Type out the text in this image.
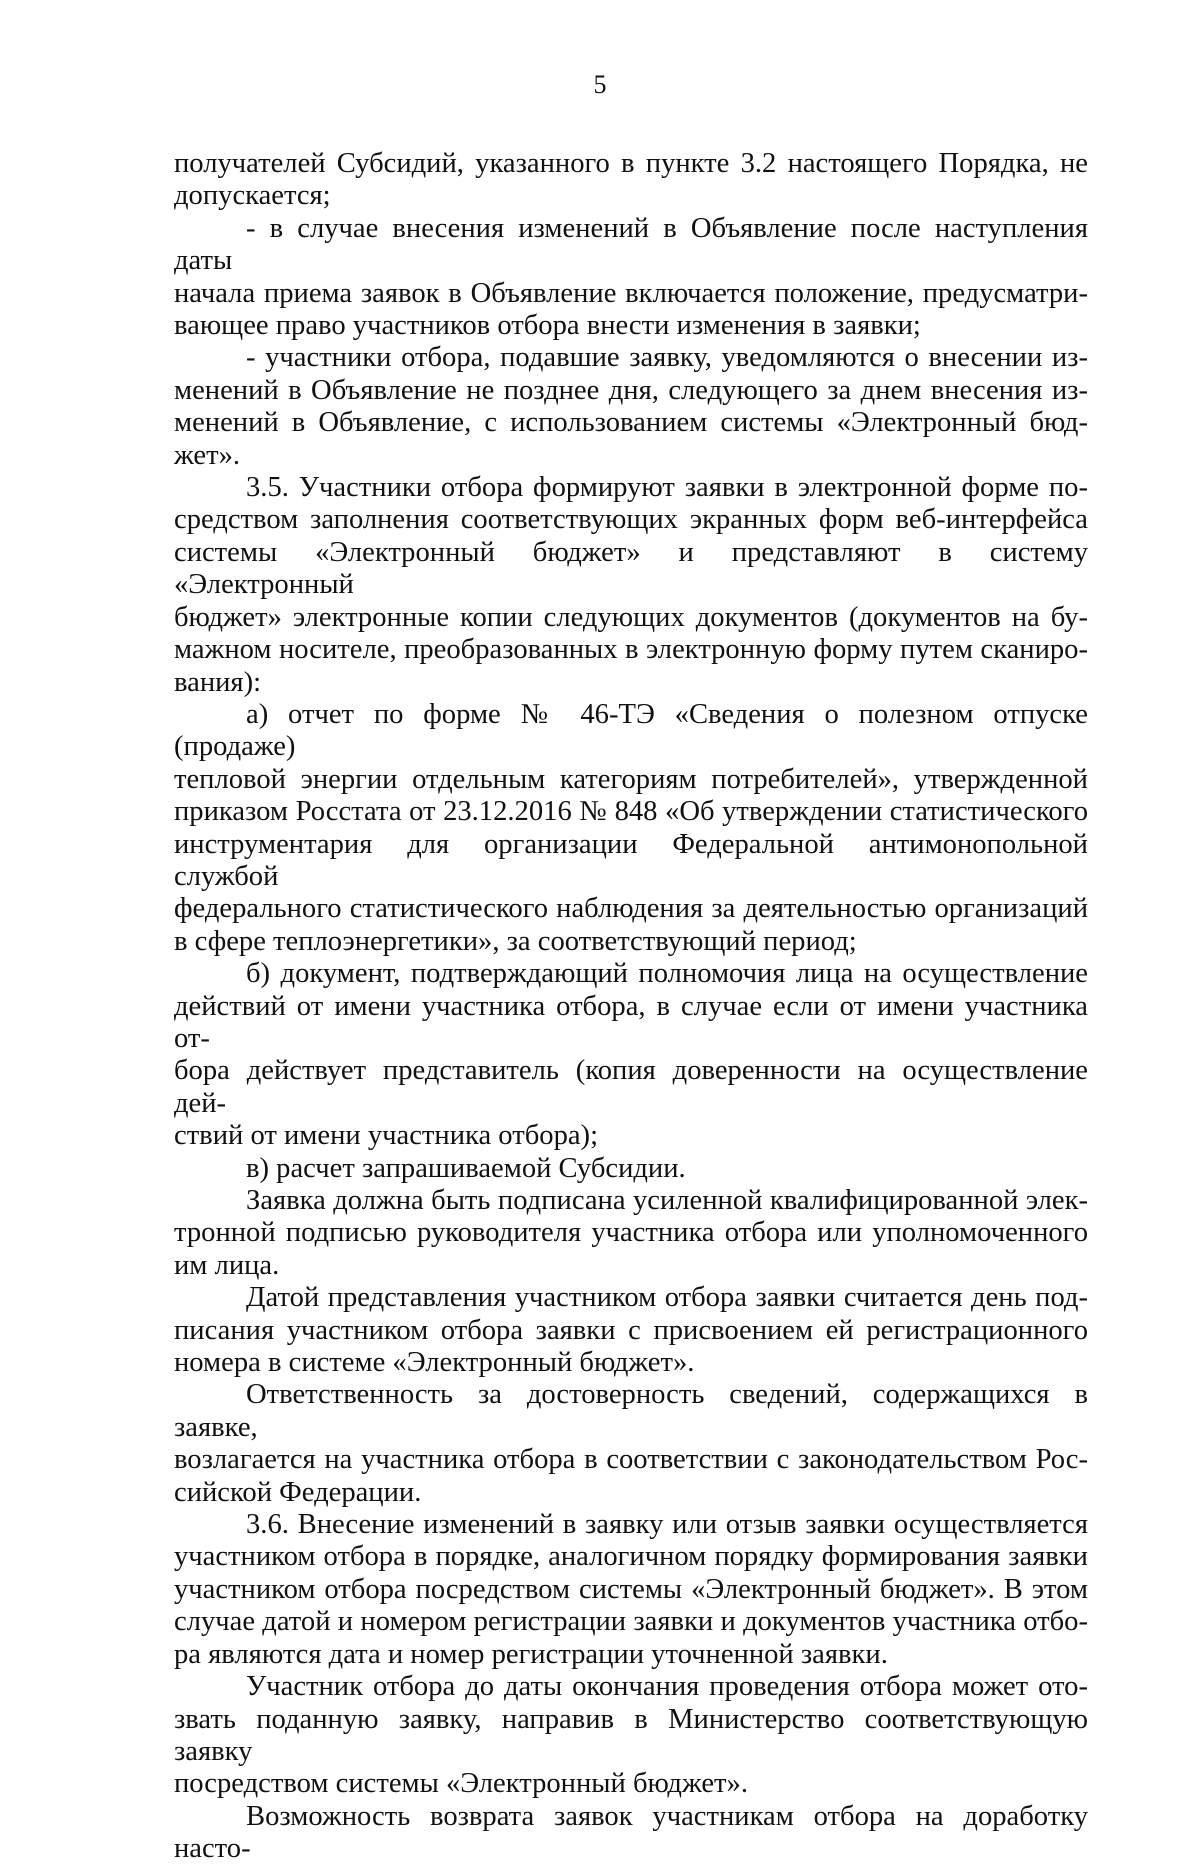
5

получателей Субсидий, указанного в пункте 3.2 настоящего Порядка, не

допускается;

- в случае внесения изменений в Объявление после наступления даты

начала приема заявок в Объявление включается положение, предусматри-

вающее право участников отбора внести изменения в заявки;

- участники отбора, подавшие заявку, уведомляются о внесении из-

менений в Объявление не позднее дня, следующего за днем внесения из-

менений в Объявление, с использованием системы «Электронный бюд-

жет».

3.5. Участники отбора формируют заявки в электронной форме по-

средством заполнения соответствующих экранных форм веб-интерфейса

системы «Электронный бюджет» и представляют в систему «Электронный

бюджет» электронные копии следующих документов (документов на бу-

мажном носителе, преобразованных в электронную форму путем сканиро-

вания):

а) отчет по форме № 46-ТЭ «Сведения о полезном отпуске (продаже)

тепловой энергии отдельным категориям потребителей», утвержденной

приказом Росстата от 23.12.2016 № 848 «Об утверждении статистического

инструментария для организации Федеральной антимонопольной службой

федерального статистического наблюдения за деятельностью организаций

в сфере теплоэнергетики», за соответствующий период;

б) документ, подтверждающий полномочия лица на осуществление

действий от имени участника отбора, в случае если от имени участника от-

бора действует представитель (копия доверенности на осуществление дей-

ствий от имени участника отбора);

в) расчет запрашиваемой Субсидии.

Заявка должна быть подписана усиленной квалифицированной элек-

тронной подписью руководителя участника отбора или уполномоченного

им лица.

Датой представления участником отбора заявки считается день под-

писания участником отбора заявки с присвоением ей регистрационного

номера в системе «Электронный бюджет».

Ответственность за достоверность сведений, содержащихся в заявке,

возлагается на участника отбора в соответствии с законодательством Рос-

сийской Федерации.

3.6. Внесение изменений в заявку или отзыв заявки осуществляется

участником отбора в порядке, аналогичном порядку формирования заявки

участником отбора посредством системы «Электронный бюджет». В этом

случае датой и номером регистрации заявки и документов участника отбо-

ра являются дата и номер регистрации уточненной заявки.

Участник отбора до даты окончания проведения отбора может ото-

звать поданную заявку, направив в Министерство соответствующую заявку

посредством системы «Электронный бюджет».

Возможность возврата заявок участникам отбора на доработку насто-
